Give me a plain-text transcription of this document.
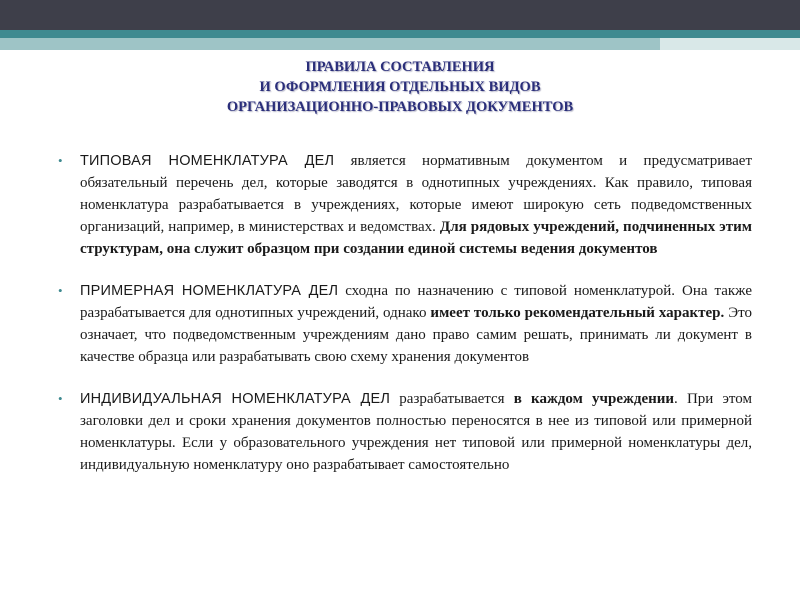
ПРАВИЛА СОСТАВЛЕНИЯ
И ОФОРМЛЕНИЯ ОТДЕЛЬНЫХ ВИДОВ
ОРГАНИЗАЦИОННО-ПРАВОВЫХ ДОКУМЕНТОВ
• ТИПОВАЯ НОМЕНКЛАТУРА ДЕЛ является нормативным документом и предусматривает обязательный перечень дел, которые заводятся в однотипных учреждениях. Как правило, типовая номенклатура разрабатывается в учреждениях, которые имеют широкую сеть подведомственных организаций, например, в министерствах и ведомствах. Для рядовых учреждений, подчиненных этим структурам, она служит образцом при создании единой системы ведения документов
• ПРИМЕРНАЯ НОМЕНКЛАТУРА ДЕЛ сходна по назначению с типовой номенклатурой. Она также разрабатывается для однотипных учреждений, однако имеет только рекомендательный характер. Это означает, что подведомственным учреждениям дано право самим решать, принимать ли документ в качестве образца или разрабатывать свою схему хранения документов
• ИНДИВИДУАЛЬНАЯ НОМЕНКЛАТУРА ДЕЛ разрабатывается в каждом учреждении. При этом заголовки дел и сроки хранения документов полностью переносятся в нее из типовой или примерной номенклатуры. Если у образовательного учреждения нет типовой или примерной номенклатуры дел, индивидуальную номенклатуру оно разрабатывает самостоятельно
